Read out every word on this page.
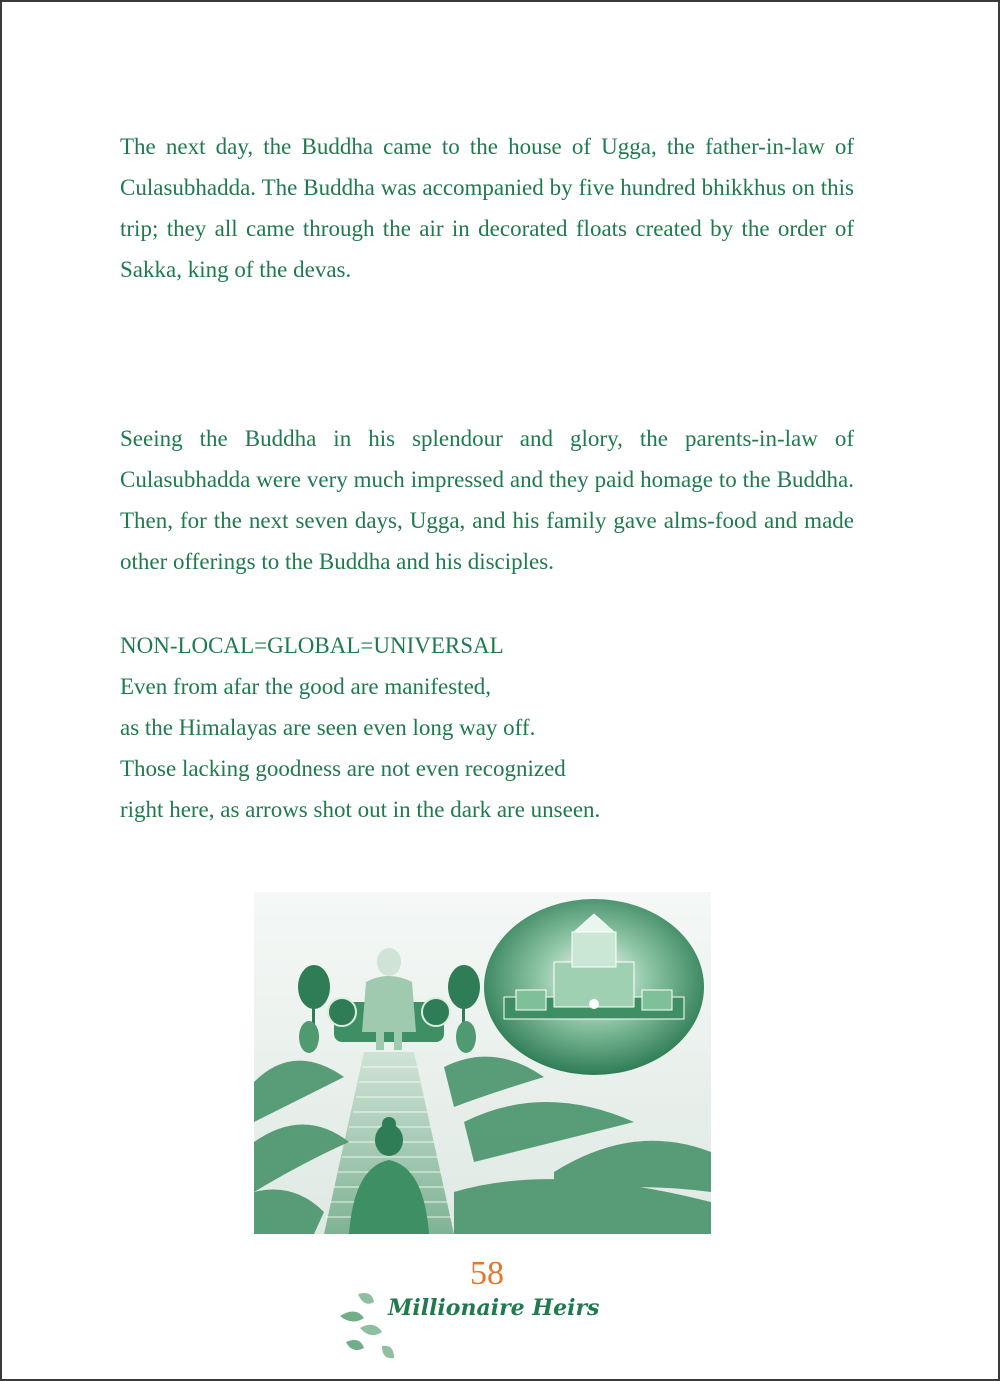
The next day, the Buddha came to the house of Ugga, the father-in-law of Culasubhadda. The Buddha was accompanied by five hundred bhikkhus on this trip; they all came through the air in decorated floats created by the order of Sakka, king of the devas.

Seeing the Buddha in his splendour and glory, the parents-in-law of Culasubhadda were very much impressed and they paid homage to the Buddha. Then, for the next seven days, Ugga, and his family gave alms-food and made other offerings to the Buddha and his disciples.

NON-LOCAL=GLOBAL=UNIVERSAL
Even from afar the good are manifested,
as the Himalayas are seen even long way off.
Those lacking goodness are not even recognized
right here, as arrows shot out in the dark are unseen.
58
Millionaire Heirs
